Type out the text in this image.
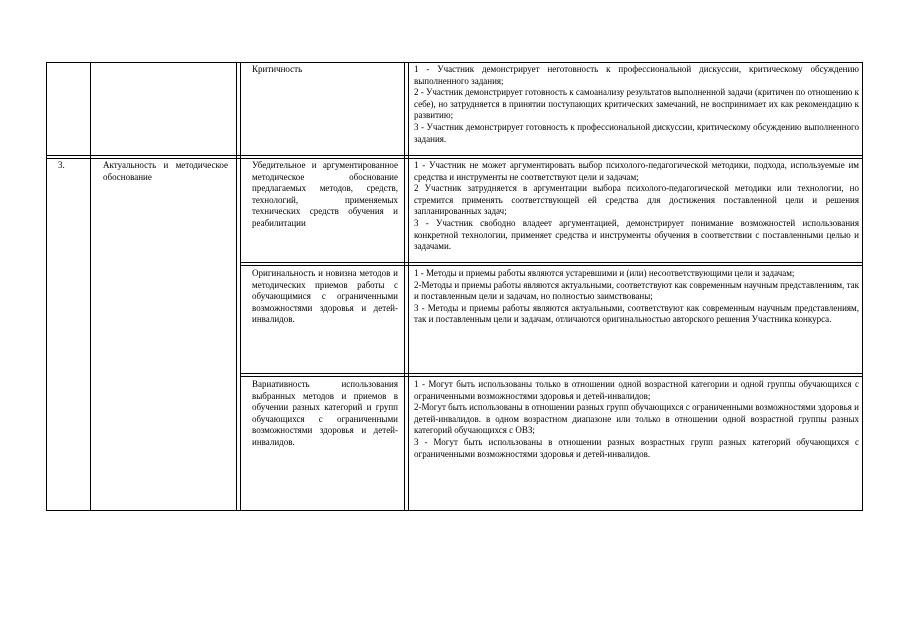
Критичность	1 - Участник демонстрирует неготовность к профессиональной дискуссии, критическому обсуждению выполненного задания;

2 - Участник демонстрирует готовность к самоанализу результатов выполненной задачи (критичен по отношению к себе), но затрудняется в принятии поступающих критических замечаний, не воспринимает их как рекомендацию к развитию;

3 - Участник демонстрирует готовность к профессиональной дискуссии, критическому обсуждению выполненного задания.

3.	Актуальность и методическое обоснование
Убедительное и аргументированное методическое обоснование предлагаемых методов, средств, технологий, применяемых технических средств обучения и реабилитации

1 - Участник не может аргументировать выбор психолого-педагогической методики, подхода, используемые им средства и инструменты не соответствуют цели и задачам;

2 Участник затрудняется в аргументации выбора психолого-педагогической методики или технологии, но стремится применять соответствующей ей средства для достижения поставленной цели и решения запланированных задач;

3 - Участник свободно владеет аргументацией, демонстрирует понимание возможностей использования конкретной технологии, применяет средства и инструменты обучения в соответствии с поставленными целью и задачами.

Оригинальность и новизна методов и методических приемов работы с обучающимися с ограниченными возможностями здоровья и детей-инвалидов.

1 - Методы и приемы работы являются устаревшими и (или) несоответствующими цели и задачам;

2-Методы и приемы работы являются актуальными, соответствуют как современным научным представлениям, так и поставленным цели и задачам, но полностью заимствованы;

3 - Методы и приемы работы являются актуальными, соответствуют как современным научным представлениям, так и поставленным цели и задачам, отличаются оригинальностью авторского решения Участника конкурса.

Вариативность использования выбранных методов и приемов в обучении разных категорий и групп обучающихся с ограниченными возможностями здоровья и детей-инвалидов.

1 - Могут быть использованы только в отношении одной возрастной категории и одной группы обучающихся с ограниченными возможностями здоровья и детей-инвалидов;

2-Могут быть использованы в отношении разных групп обучающихся с ограниченными возможностями здоровья и детей-инвалидов. в одном возрастном диапазоне или только в отношении одной возрастной группы разных категорий обучающихся с ОВЗ;

3 - Могут быть использованы в отношении разных возрастных групп разных категорий обучающихся с ограниченными возможностями здоровья и детей-инвалидов.
